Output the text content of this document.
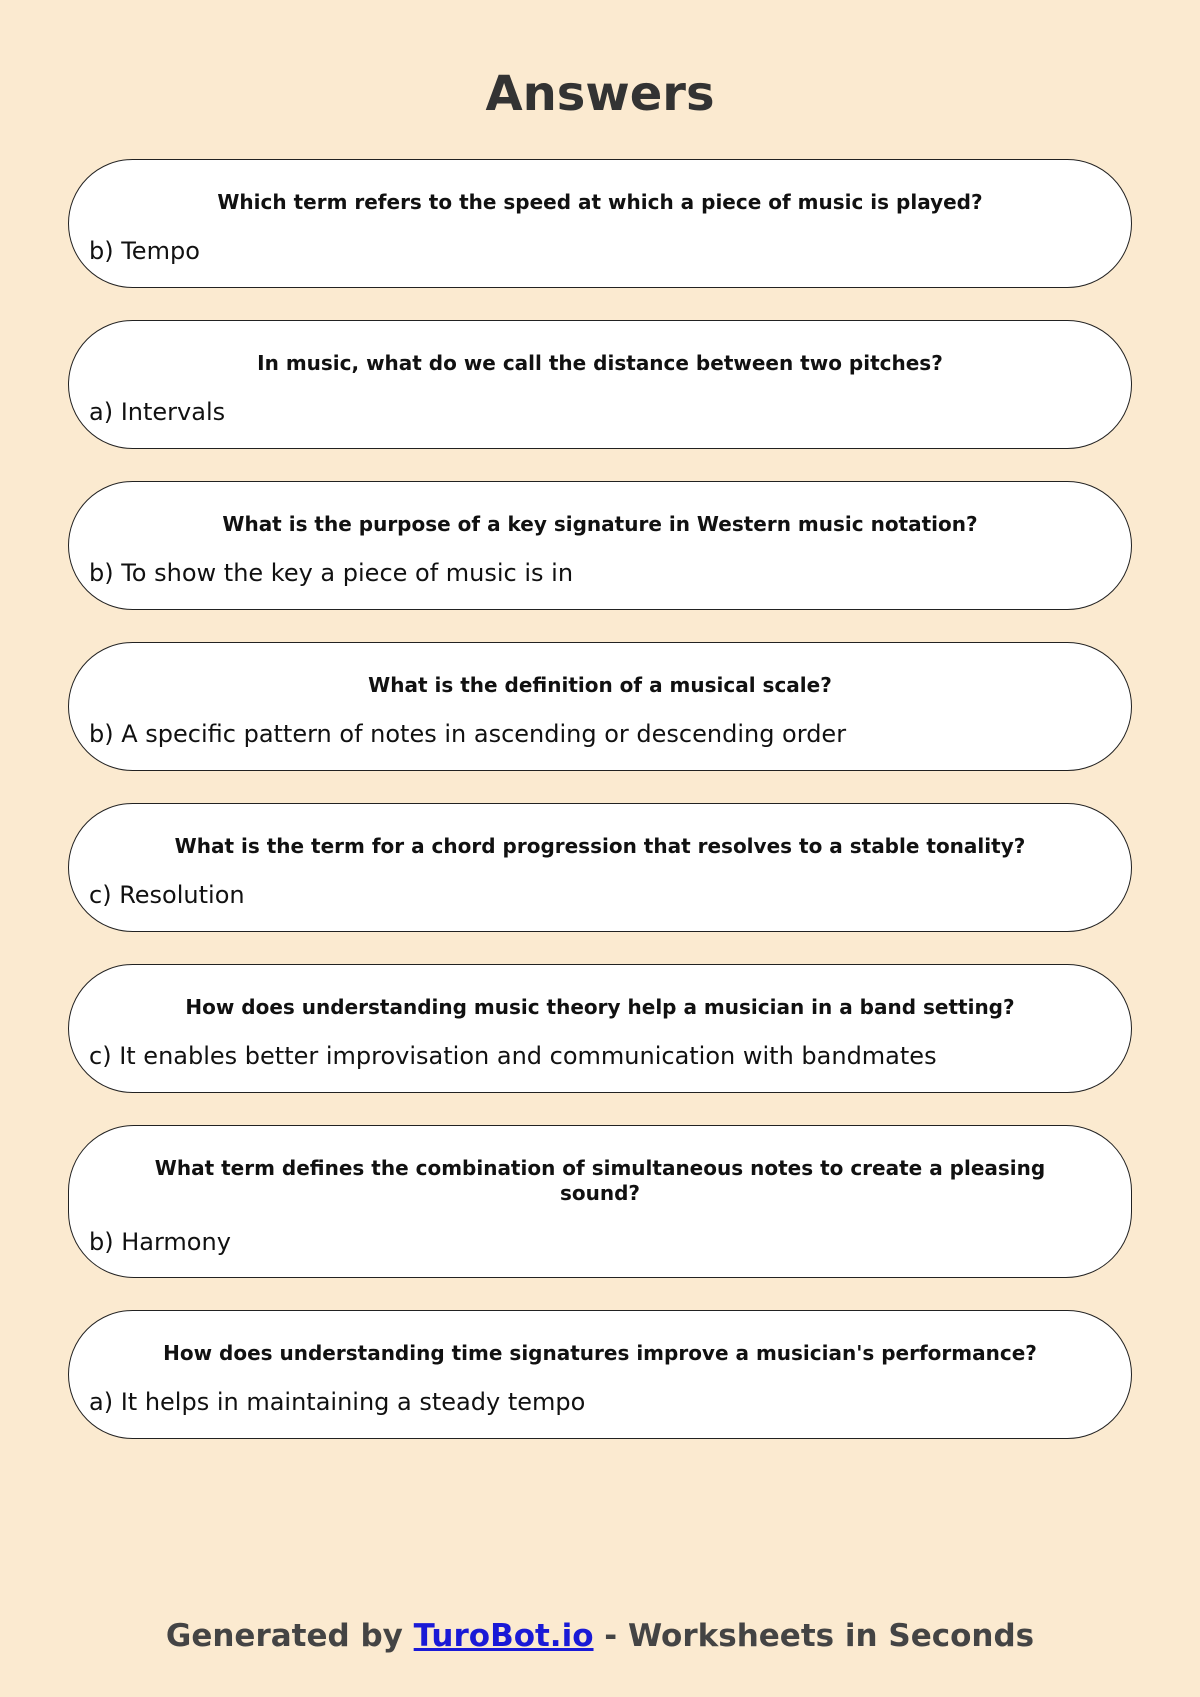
Answers

Which term refers to the speed at which a piece of music is played?

b) Tempo

In music, what do we call the distance between two pitches?

a) Intervals

What is the purpose of a key signature in Western music notation?

b) To show the key a piece of music is in

What is the definition of a musical scale?

b) A specific pattern of notes in ascending or descending order

What is the term for a chord progression that resolves to a stable tonality?

c) Resolution

How does understanding music theory help a musician in a band setting?

c) It enables better improvisation and communication with bandmates

What term defines the combination of simultaneous notes to create a pleasing sound?

b) Harmony

How does understanding time signatures improve a musician's performance?

a) It helps in maintaining a steady tempo

Generated by TuroBot.io - Worksheets in Seconds
